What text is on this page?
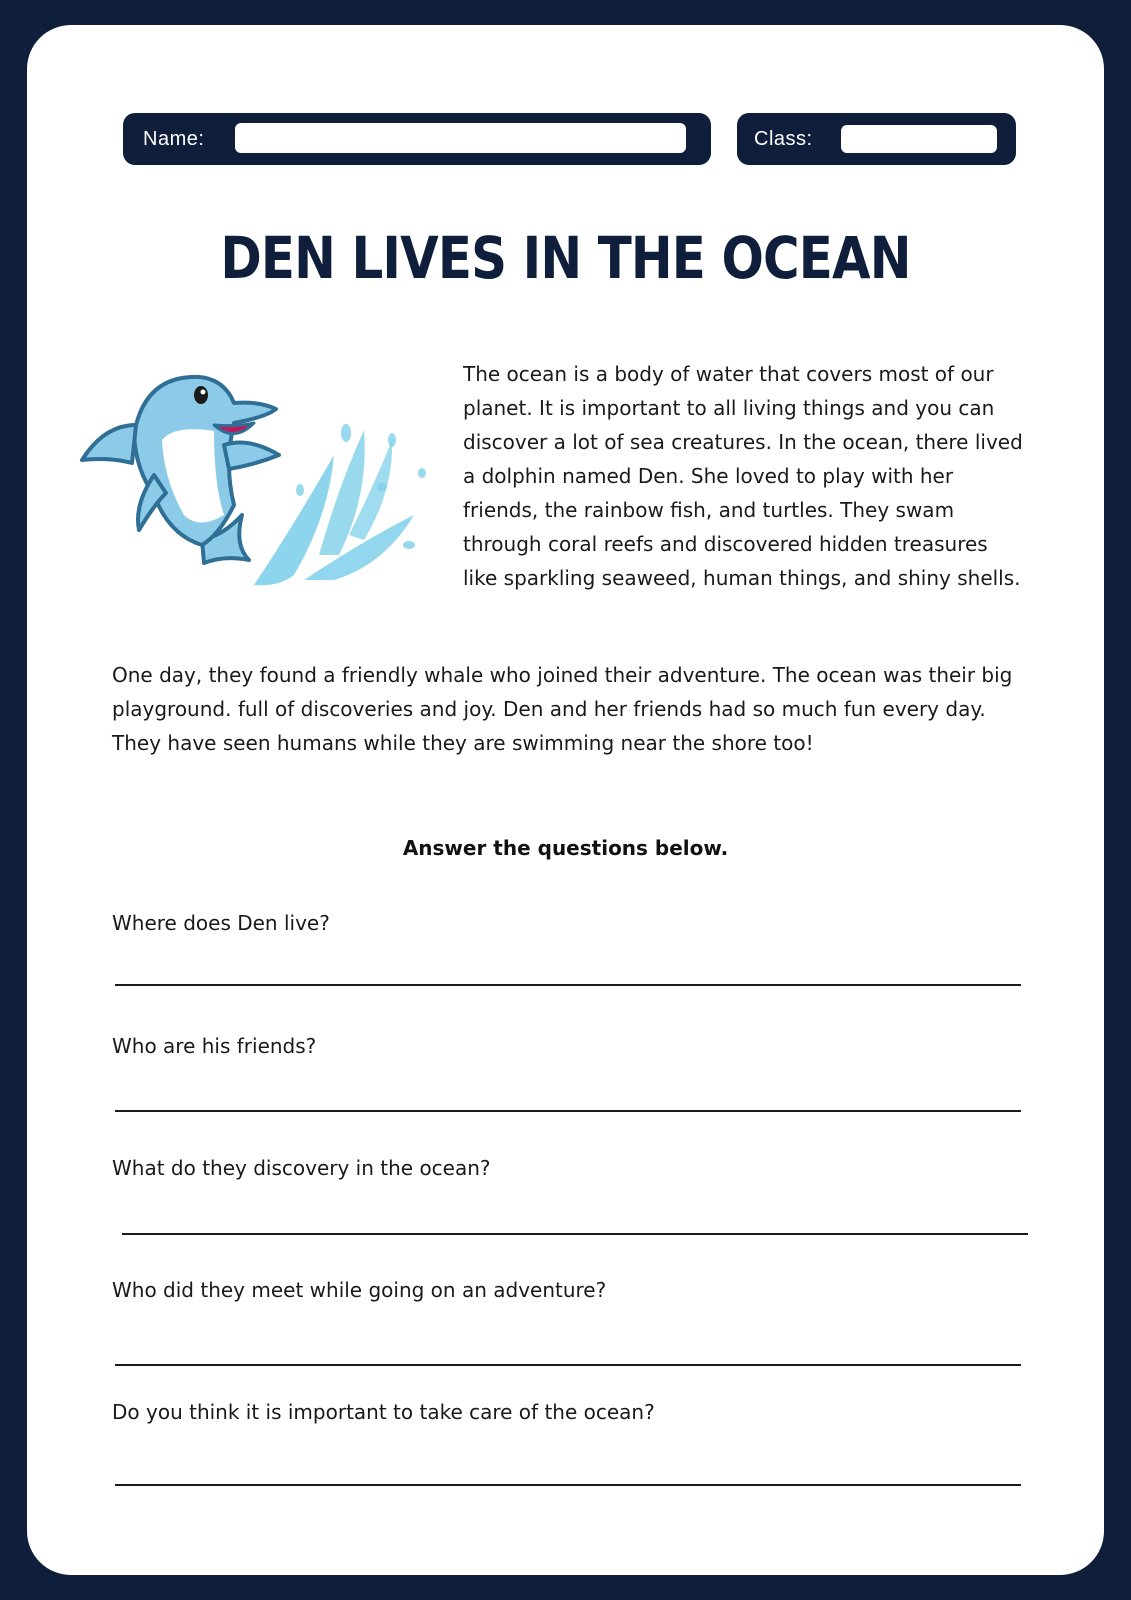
Name:	Class:
DEN LIVES IN THE OCEAN

The ocean is a body of water that covers most of our planet. It is important to all living things and you can discover a lot of sea creatures. In the ocean, there lived a dolphin named Den. She loved to play with her friends, the rainbow fish, and turtles. They swam through coral reefs and discovered hidden treasures like sparkling seaweed, human things, and shiny shells.

One day, they found a friendly whale who joined their adventure. The ocean was their big playground. full of discoveries and joy. Den and her friends had so much fun every day. They have seen humans while they are swimming near the shore too!

Answer the questions below.

Where does Den live?

Who are his friends?

What do they discovery in the ocean?

Who did they meet while going on an adventure?

Do you think it is important to take care of the ocean?
